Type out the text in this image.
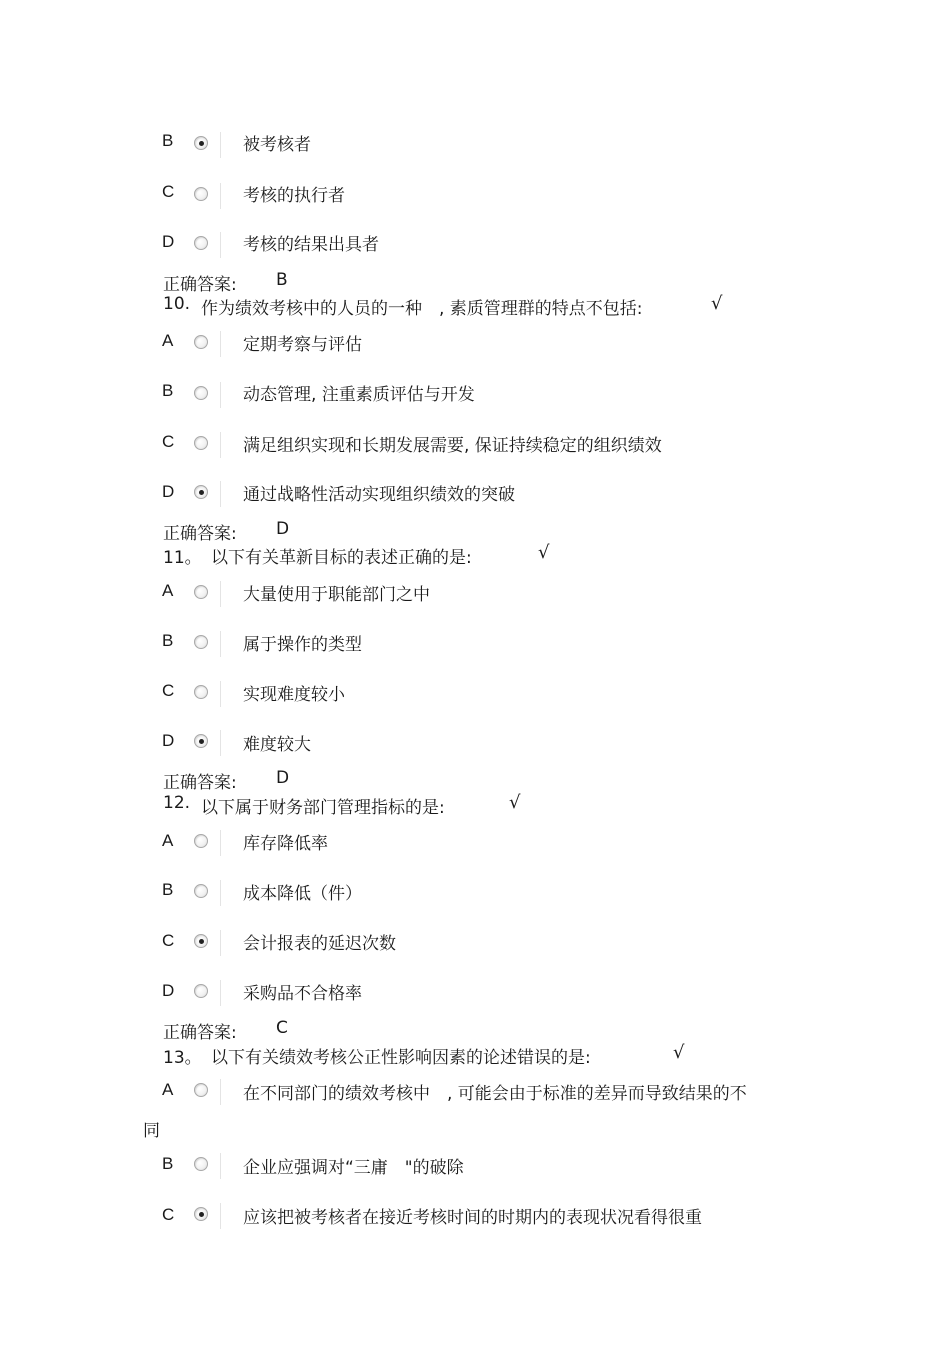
B	被考核者
C	考核的执行者
D	考核的结果出具者
正确答案: B
10. 作为绩效考核中的人员的一种　, 素质管理群的特点不包括:	√
A	定期考察与评估
B	动态管理, 注重素质评估与开发
C	满足组织实现和长期发展需要, 保证持续稳定的组织绩效
D	通过战略性活动实现组织绩效的突破
正确答案: D
11。 以下有关革新目标的表述正确的是:	√
A	大量使用于职能部门之中
B	属于操作的类型
C	实现难度较小
D	难度较大
正确答案: D
12. 以下属于财务部门管理指标的是:	√
A	库存降低率
B	成本降低（件）
C	会计报表的延迟次数
D	采购品不合格率
正确答案: C
13。 以下有关绩效考核公正性影响因素的论述错误的是:	√
A	在不同部门的绩效考核中　, 可能会由于标准的差异而导致结果的不
同
B	企业应强调对“三庸　"的破除
C	应该把被考核者在接近考核时间的时期内的表现状况看得很重
